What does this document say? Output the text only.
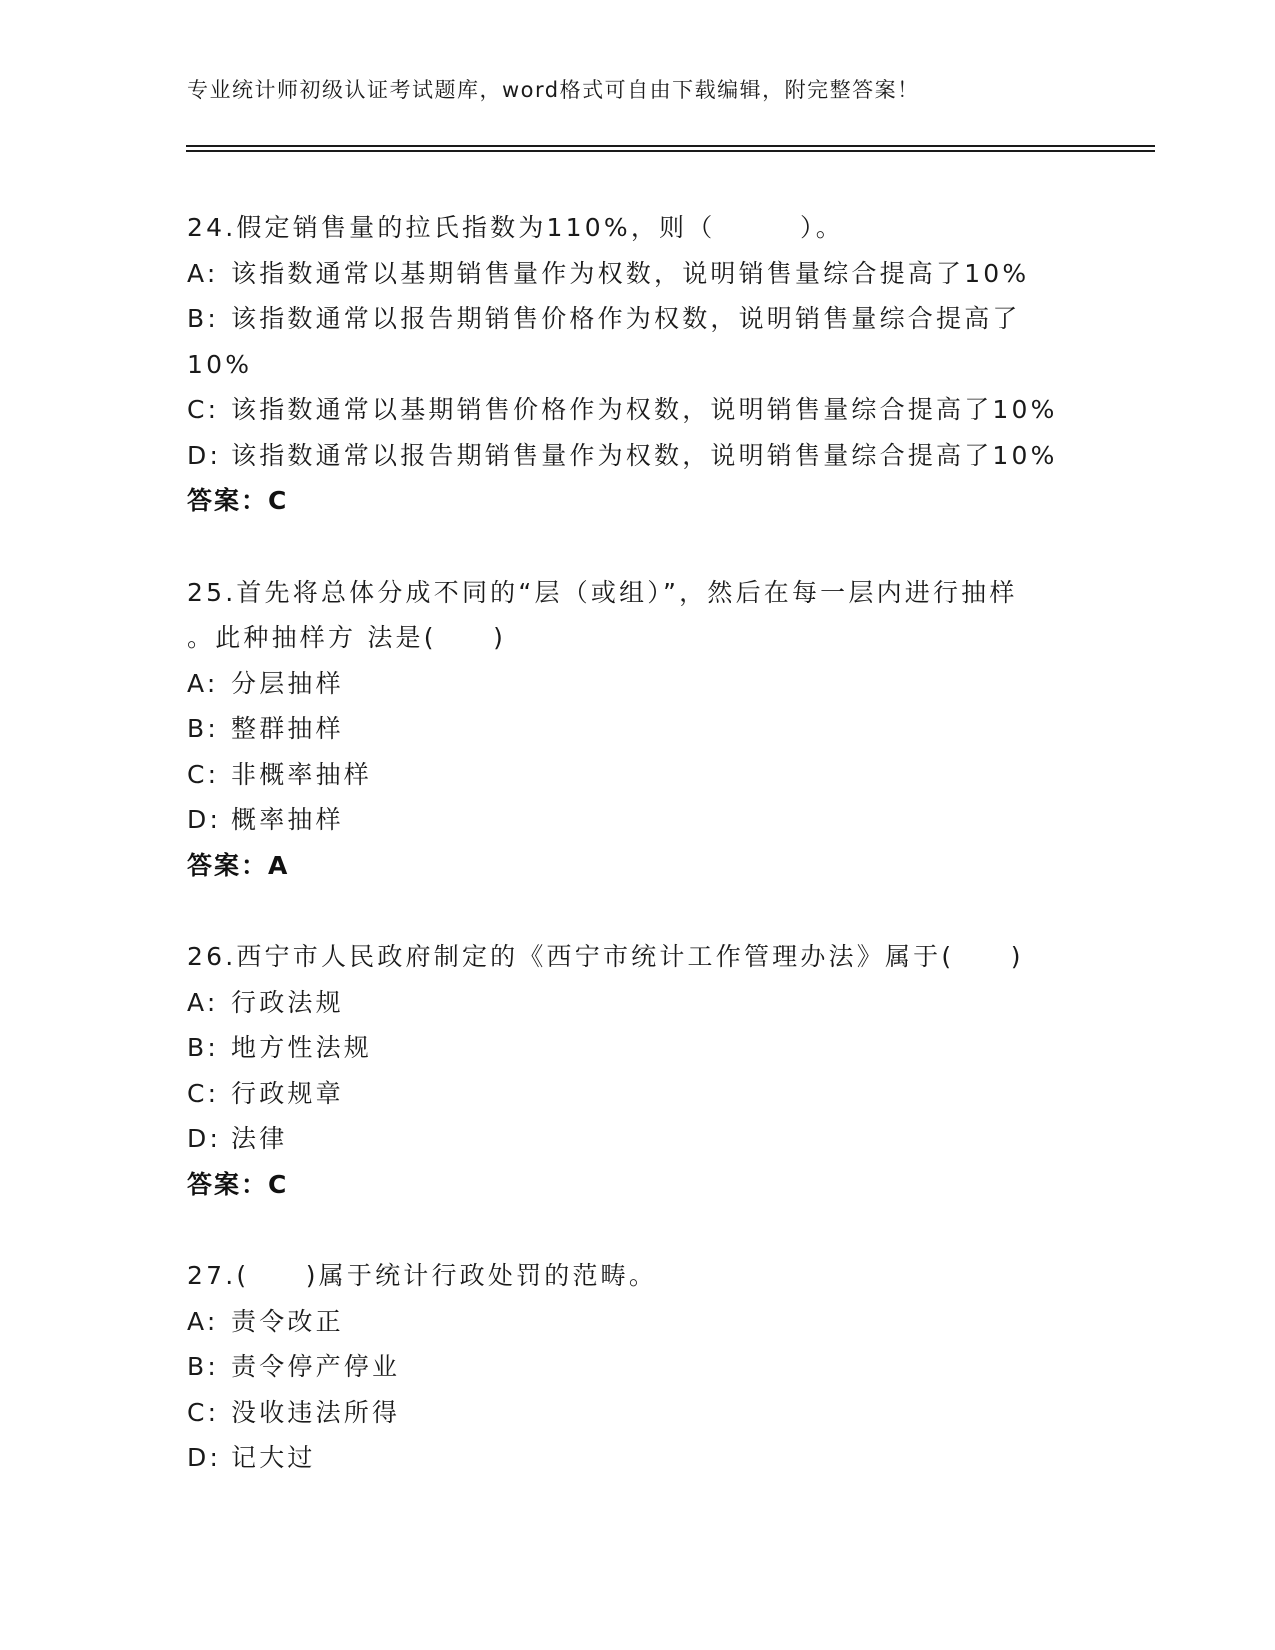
专业统计师初级认证考试题库，word格式可自由下载编辑，附完整答案！
24.假定销售量的拉氏指数为110%，则（　　　）。
A: 该指数通常以基期销售量作为权数，说明销售量综合提高了10%
B: 该指数通常以报告期销售价格作为权数，说明销售量综合提高了
10%
C: 该指数通常以基期销售价格作为权数，说明销售量综合提高了10%
D: 该指数通常以报告期销售量作为权数，说明销售量综合提高了10%
答案：C
25.首先将总体分成不同的“层（或组）”，然后在每一层内进行抽样
。此种抽样方 法是(　　)
A: 分层抽样
B: 整群抽样
C: 非概率抽样
D: 概率抽样
答案：A
26.西宁市人民政府制定的《西宁市统计工作管理办法》属于(　　)
A: 行政法规
B: 地方性法规
C: 行政规章
D: 法律
答案：C
27.(　　)属于统计行政处罚的范畴。
A: 责令改正
B: 责令停产停业
C: 没收违法所得
D: 记大过
